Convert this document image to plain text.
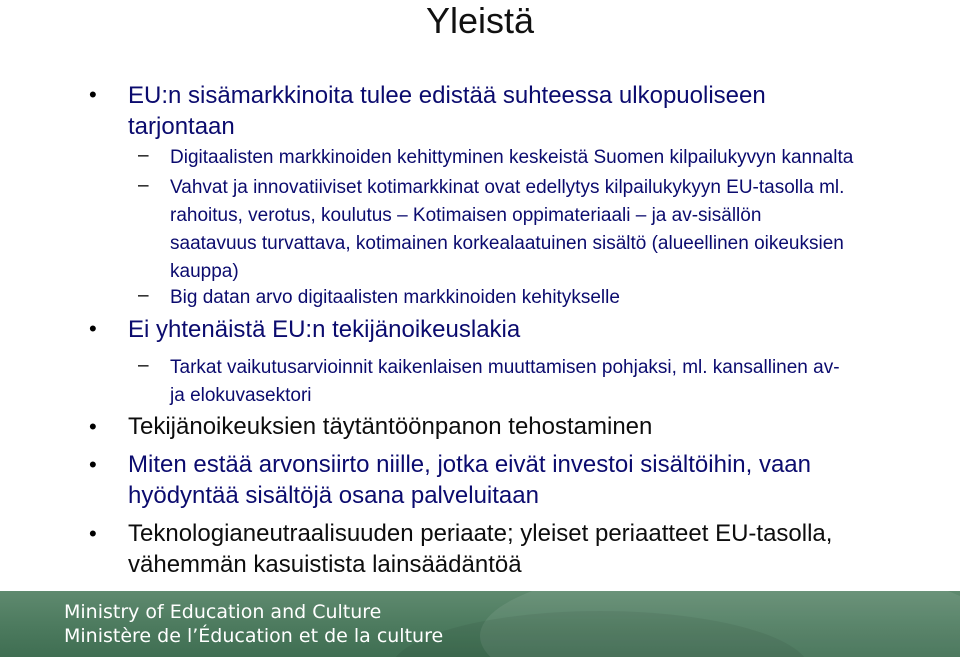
Yleistä
• EU:n sisämarkkinoita tulee edistää suhteessa ulkopuoliseen
tarjontaan
– Digitaalisten markkinoiden kehittyminen keskeistä Suomen kilpailukyvyn kannalta
– Vahvat ja innovatiiviset kotimarkkinat ovat edellytys kilpailukykyyn EU-tasolla ml.
rahoitus, verotus, koulutus – Kotimaisen oppimateriaali – ja av-sisällön
saatavuus turvattava, kotimainen korkealaatuinen sisältö (alueellinen oikeuksien
kauppa)
– Big datan arvo digitaalisten markkinoiden kehitykselle
• Ei yhtenäistä EU:n tekijänoikeuslakia
– Tarkat vaikutusarvioinnit kaikenlaisen muuttamisen pohjaksi, ml. kansallinen av-
ja elokuvasektori
• Tekijänoikeuksien täytäntöönpanon tehostaminen
• Miten estää arvonsiirto niille, jotka eivät investoi sisältöihin, vaan
hyödyntää sisältöjä osana palveluitaan
• Teknologianeutraalisuuden periaate; yleiset periaatteet EU-tasolla,
vähemmän kasuistista lainsäädäntöä
Ministry of Education and Culture
Ministère de l’Éducation et de la culture
